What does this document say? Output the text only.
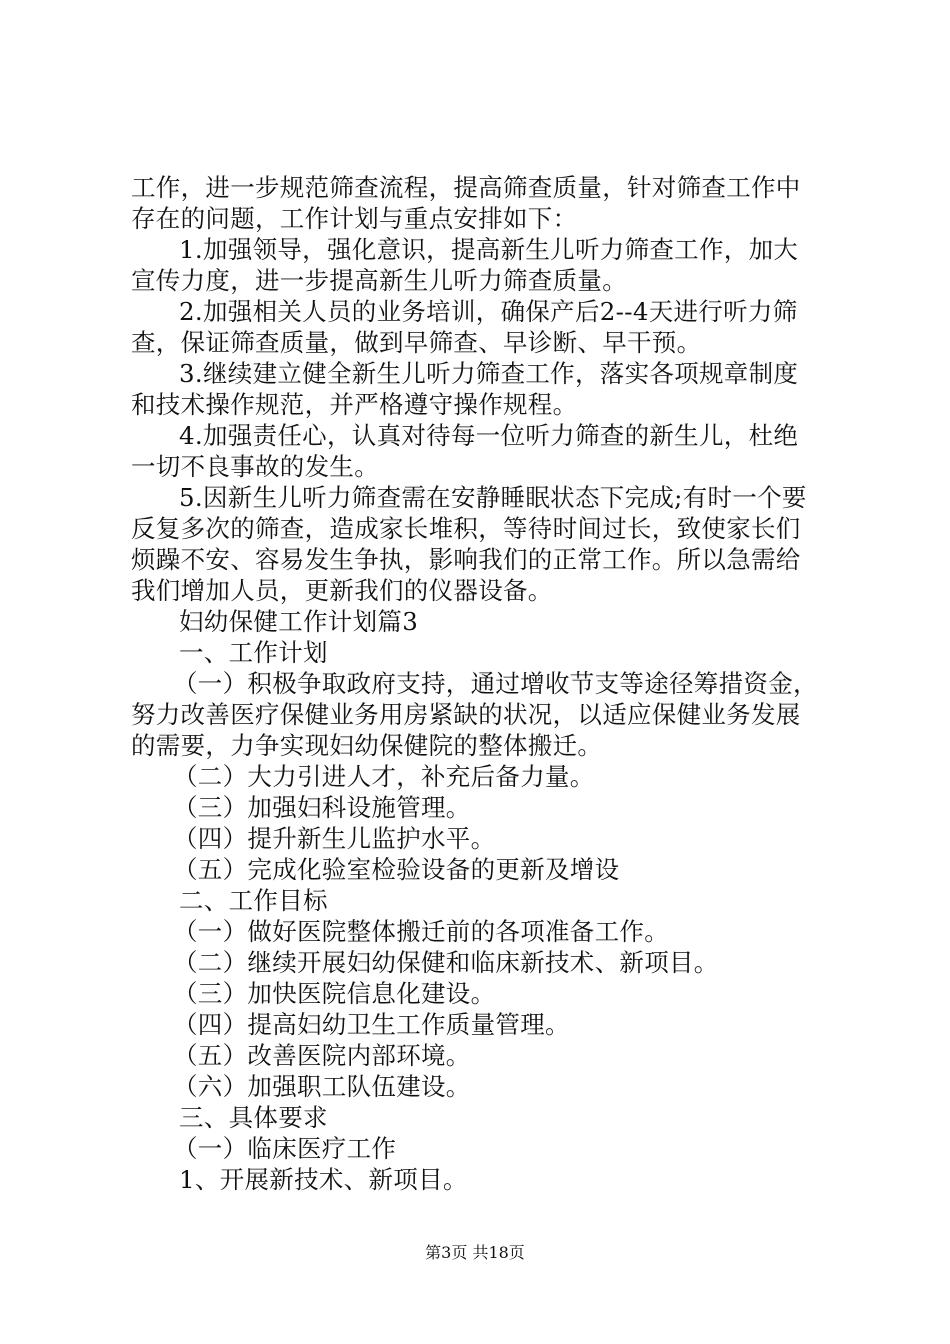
工作，进一步规范筛查流程，提高筛查质量，针对筛查工作中
存在的问题，工作计划与重点安排如下：
1.加强领导，强化意识，提高新生儿听力筛查工作，加大
宣传力度，进一步提高新生儿听力筛查质量。
2.加强相关人员的业务培训，确保产后2--4天进行听力筛
查，保证筛查质量，做到早筛查、早诊断、早干预。
3.继续建立健全新生儿听力筛查工作，落实各项规章制度
和技术操作规范，并严格遵守操作规程。
4.加强责任心，认真对待每一位听力筛查的新生儿，杜绝
一切不良事故的发生。
5.因新生儿听力筛查需在安静睡眠状态下完成;有时一个要
反复多次的筛查，造成家长堆积，等待时间过长，致使家长们
烦躁不安、容易发生争执，影响我们的正常工作。所以急需给
我们增加人员，更新我们的仪器设备。
妇幼保健工作计划篇3
一、工作计划
（一）积极争取政府支持，通过增收节支等途径筹措资金，
努力改善医疗保健业务用房紧缺的状况，以适应保健业务发展
的需要，力争实现妇幼保健院的整体搬迁。
（二）大力引进人才，补充后备力量。
（三）加强妇科设施管理。
（四）提升新生儿监护水平。
（五）完成化验室检验设备的更新及增设
二、工作目标
（一）做好医院整体搬迁前的各项准备工作。
（二）继续开展妇幼保健和临床新技术、新项目。
（三）加快医院信息化建设。
（四）提高妇幼卫生工作质量管理。
（五）改善医院内部环境。
（六）加强职工队伍建设。
三、具体要求
（一）临床医疗工作
1、开展新技术、新项目。
第3页 共18页
